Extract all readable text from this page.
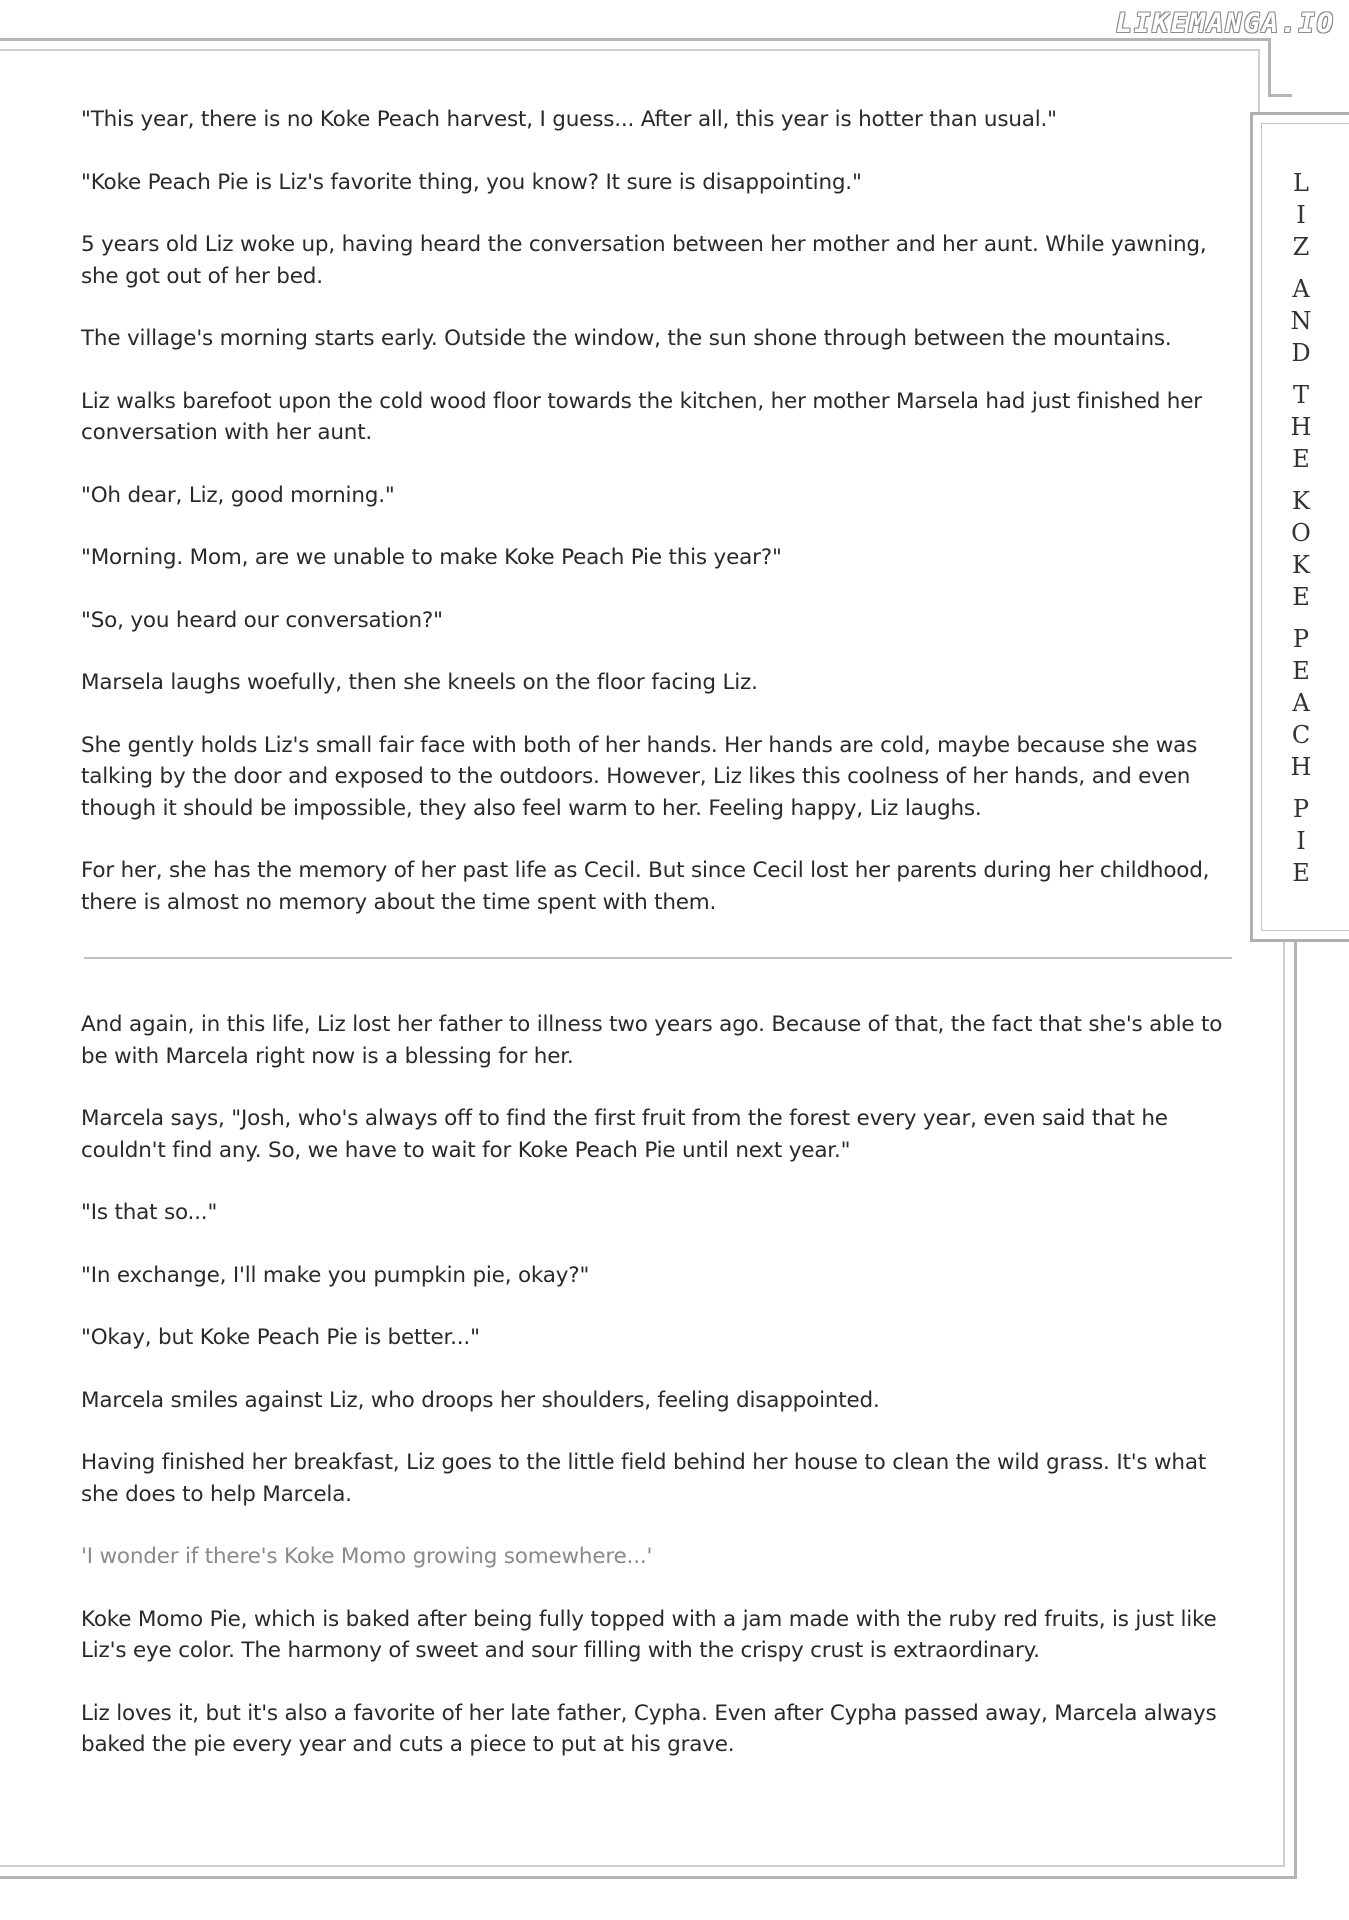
LIKEMANGA.IO
L
I
Z
A
N
D
T
H
E
K
O
K
E
P
E
A
C
H
P
I
E

"This year, there is no Koke Peach harvest, I guess... After all, this year is hotter than usual."

"Koke Peach Pie is Liz's favorite thing, you know? It sure is disappointing."

5 years old Liz woke up, having heard the conversation between her mother and her aunt. While yawning, she got out of her bed.

The village's morning starts early. Outside the window, the sun shone through between the mountains.

Liz walks barefoot upon the cold wood floor towards the kitchen, her mother Marsela had just finished her conversation with her aunt.

"Oh dear, Liz, good morning."

"Morning. Mom, are we unable to make Koke Peach Pie this year?"

"So, you heard our conversation?"

Marsela laughs woefully, then she kneels on the floor facing Liz.

She gently holds Liz's small fair face with both of her hands. Her hands are cold, maybe because she was talking by the door and exposed to the outdoors. However, Liz likes this coolness of her hands, and even though it should be impossible, they also feel warm to her. Feeling happy, Liz laughs.

For her, she has the memory of her past life as Cecil. But since Cecil lost her parents during her childhood, there is almost no memory about the time spent with them.

And again, in this life, Liz lost her father to illness two years ago. Because of that, the fact that she's able to be with Marcela right now is a blessing for her.

Marcela says, "Josh, who's always off to find the first fruit from the forest every year, even said that he couldn't find any. So, we have to wait for Koke Peach Pie until next year."

"Is that so..."

"In exchange, I'll make you pumpkin pie, okay?"

"Okay, but Koke Peach Pie is better..."

Marcela smiles against Liz, who droops her shoulders, feeling disappointed.

Having finished her breakfast, Liz goes to the little field behind her house to clean the wild grass. It's what she does to help Marcela.

'I wonder if there's Koke Momo growing somewhere...'

Koke Momo Pie, which is baked after being fully topped with a jam made with the ruby red fruits, is just like Liz's eye color. The harmony of sweet and sour filling with the crispy crust is extraordinary.

Liz loves it, but it's also a favorite of her late father, Cypha. Even after Cypha passed away, Marcela always baked the pie every year and cuts a piece to put at his grave.
